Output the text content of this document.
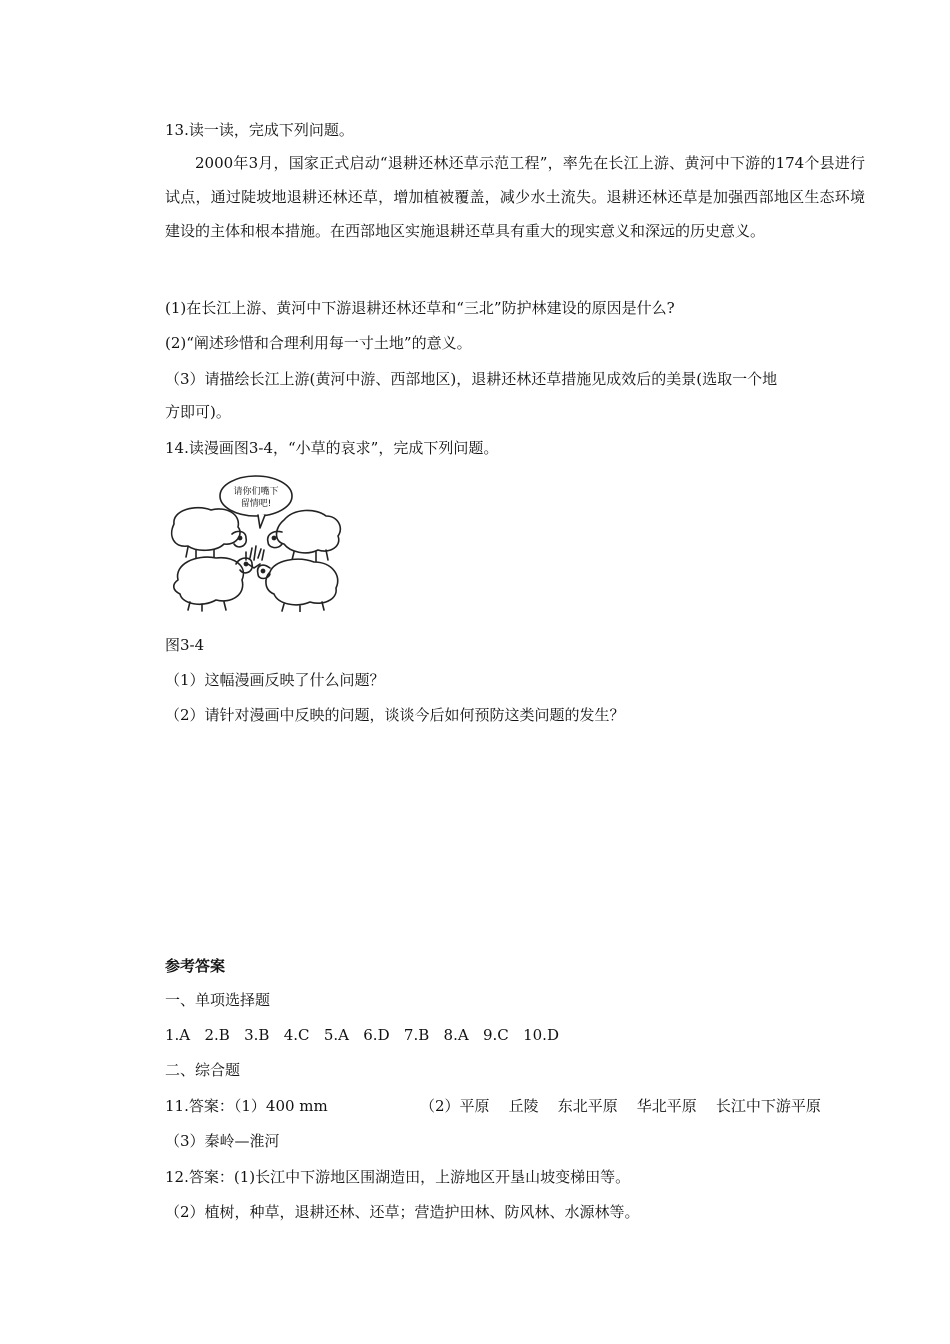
13.读一读，完成下列问题。
2000年3月，国家正式启动“退耕还林还草示范工程”，率先在长江上游、黄河中下游的174个县进行试点，通过陡坡地退耕还林还草，增加植被覆盖，减少水土流失。退耕还林还草是加强西部地区生态环境建设的主体和根本措施。在西部地区实施退耕还草具有重大的现实意义和深远的历史意义。
(1)在长江上游、黄河中下游退耕还林还草和“三北”防护林建设的原因是什么?
(2)“阐述珍惜和合理利用每一寸土地”的意义。
（3）请描绘长江上游(黄河中游、西部地区)，退耕还林还草措施见成效后的美景(选取一个地
方即可)。
14.读漫画图3-4，“小草的哀求”，完成下列问题。
请你们嘴下
留情吧!
图3-4
（1）这幅漫画反映了什么问题？
（2）请针对漫画中反映的问题，谈谈今后如何预防这类问题的发生？
参考答案
一、单项选择题
1.A   2.B   3.B   4.C   5.A   6.D   7.B   8.A   9.C   10.D
二、综合题
11.答案：（1）400 mm	（2）平原    丘陵    东北平原    华北平原    长江中下游平原
（3）秦岭—淮河
12.答案：(1)长江中下游地区围湖造田，上游地区开垦山坡变梯田等。
（2）植树，种草，退耕还林、还草；营造护田林、防风林、水源林等。
